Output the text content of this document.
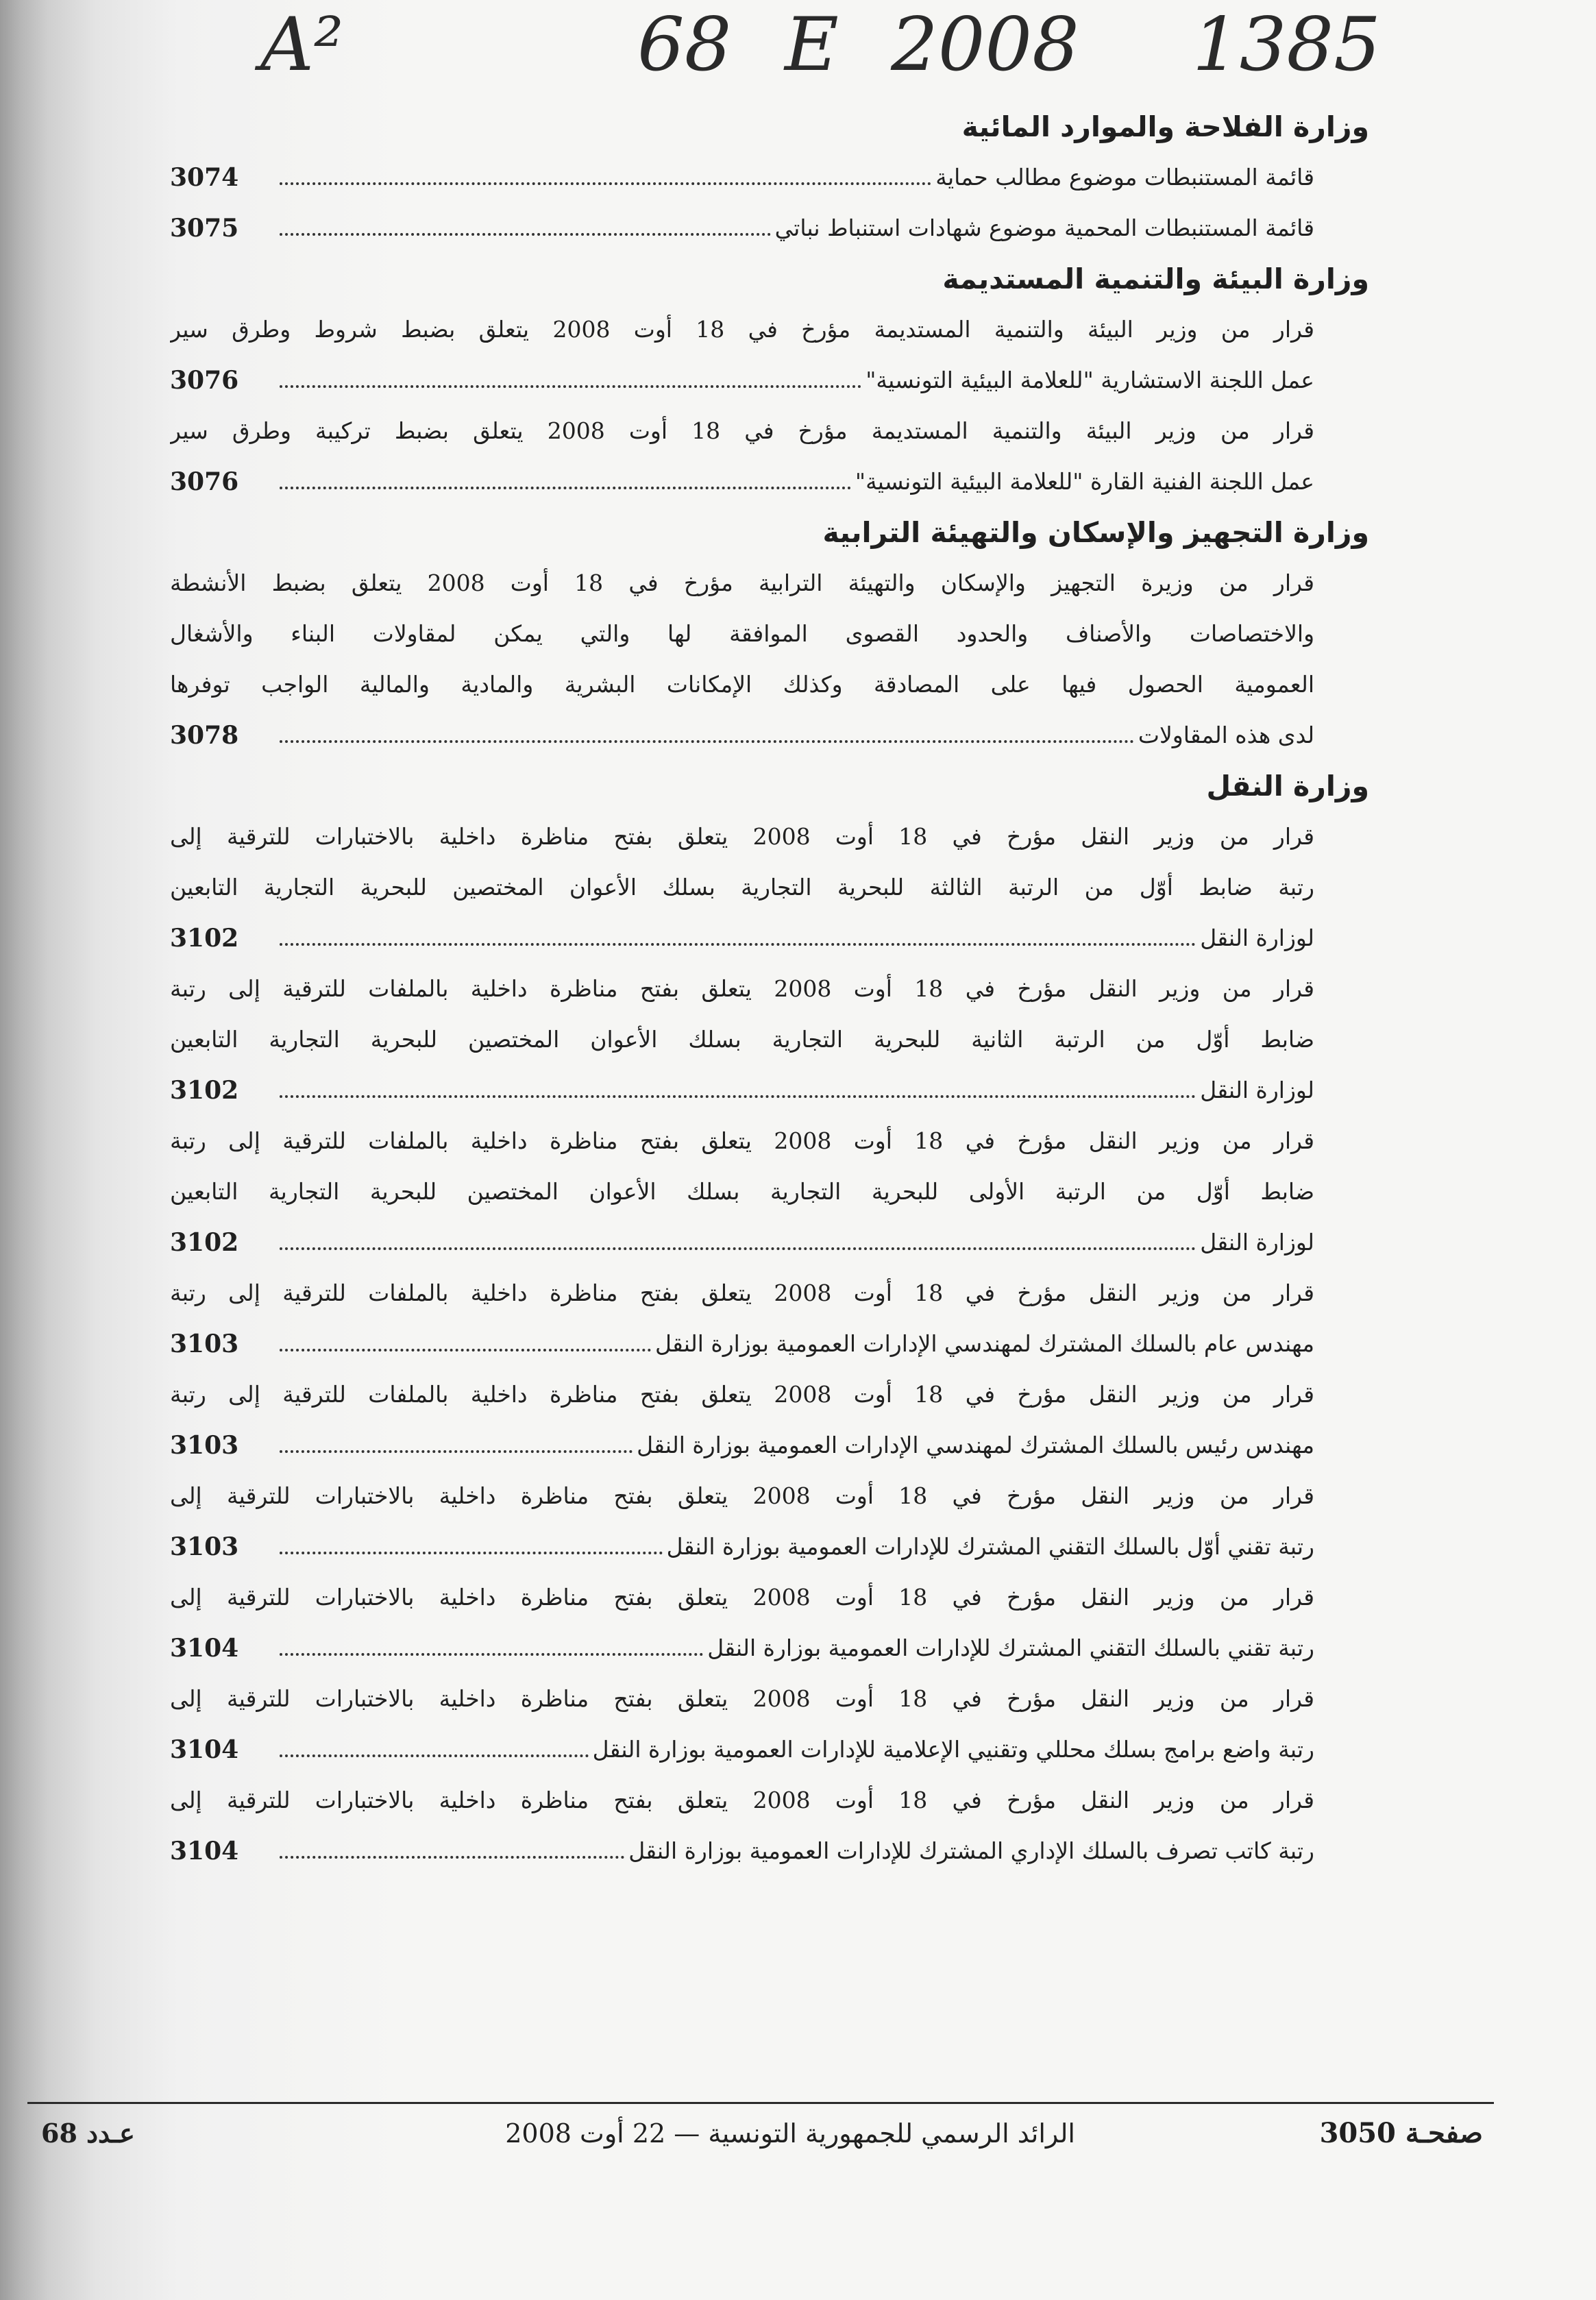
A²	68 E 2008 1385
وزارة الفلاحة والموارد المائية
قائمة المستنبطات موضوع مطالب حماية
3074
قائمة المستنبطات المحمية موضوع شهادات استنباط نباتي
3075
وزارة البيئة والتنمية المستديمة
قرار من وزير البيئة والتنمية المستديمة مؤرخ في 18 أوت 2008 يتعلق بضبط شروط وطرق سير
عمل اللجنة الاستشارية "للعلامة البيئية التونسية"
3076
قرار من وزير البيئة والتنمية المستديمة مؤرخ في 18 أوت 2008 يتعلق بضبط تركيبة وطرق سير
عمل اللجنة الفنية القارة "للعلامة البيئية التونسية"
3076
وزارة التجهيز والإسكان والتهيئة الترابية
قرار من وزيرة التجهيز والإسكان والتهيئة الترابية مؤرخ في 18 أوت 2008 يتعلق بضبط الأنشطة
والاختصاصات والأصناف والحدود القصوى الموافقة لها والتي يمكن لمقاولات البناء والأشغال
العمومية الحصول فيها على المصادقة وكذلك الإمكانات البشرية والمادية والمالية الواجب توفرها
لدى هذه المقاولات
3078
وزارة النقل
قرار من وزير النقل مؤرخ في 18 أوت 2008 يتعلق بفتح مناظرة داخلية بالاختبارات للترقية إلى
رتبة ضابط أوّل من الرتبة الثالثة للبحرية التجارية بسلك الأعوان المختصين للبحرية التجارية التابعين
لوزارة النقل
3102
قرار من وزير النقل مؤرخ في 18 أوت 2008 يتعلق بفتح مناظرة داخلية بالملفات للترقية إلى رتبة
ضابط أوّل من الرتبة الثانية للبحرية التجارية بسلك الأعوان المختصين للبحرية التجارية التابعين
لوزارة النقل
3102
قرار من وزير النقل مؤرخ في 18 أوت 2008 يتعلق بفتح مناظرة داخلية بالملفات للترقية إلى رتبة
ضابط أوّل من الرتبة الأولى للبحرية التجارية بسلك الأعوان المختصين للبحرية التجارية التابعين
لوزارة النقل
3102
قرار من وزير النقل مؤرخ في 18 أوت 2008 يتعلق بفتح مناظرة داخلية بالملفات للترقية إلى رتبة
مهندس عام بالسلك المشترك لمهندسي الإدارات العمومية بوزارة النقل
3103
قرار من وزير النقل مؤرخ في 18 أوت 2008 يتعلق بفتح مناظرة داخلية بالملفات للترقية إلى رتبة
مهندس رئيس بالسلك المشترك لمهندسي الإدارات العمومية بوزارة النقل
3103
قرار من وزير النقل مؤرخ في 18 أوت 2008 يتعلق بفتح مناظرة داخلية بالاختبارات للترقية إلى
رتبة تقني أوّل بالسلك التقني المشترك للإدارات العمومية بوزارة النقل
3103
قرار من وزير النقل مؤرخ في 18 أوت 2008 يتعلق بفتح مناظرة داخلية بالاختبارات للترقية إلى
رتبة تقني بالسلك التقني المشترك للإدارات العمومية بوزارة النقل
3104
قرار من وزير النقل مؤرخ في 18 أوت 2008 يتعلق بفتح مناظرة داخلية بالاختبارات للترقية إلى
رتبة واضع برامج بسلك محللي وتقنيي الإعلامية للإدارات العمومية بوزارة النقل
3104
قرار من وزير النقل مؤرخ في 18 أوت 2008 يتعلق بفتح مناظرة داخلية بالاختبارات للترقية إلى
رتبة كاتب تصرف بالسلك الإداري المشترك للإدارات العمومية بوزارة النقل
3104
صفحـة 3050
الرائد الرسمي للجمهورية التونسية — 22 أوت 2008
عـدد 68
